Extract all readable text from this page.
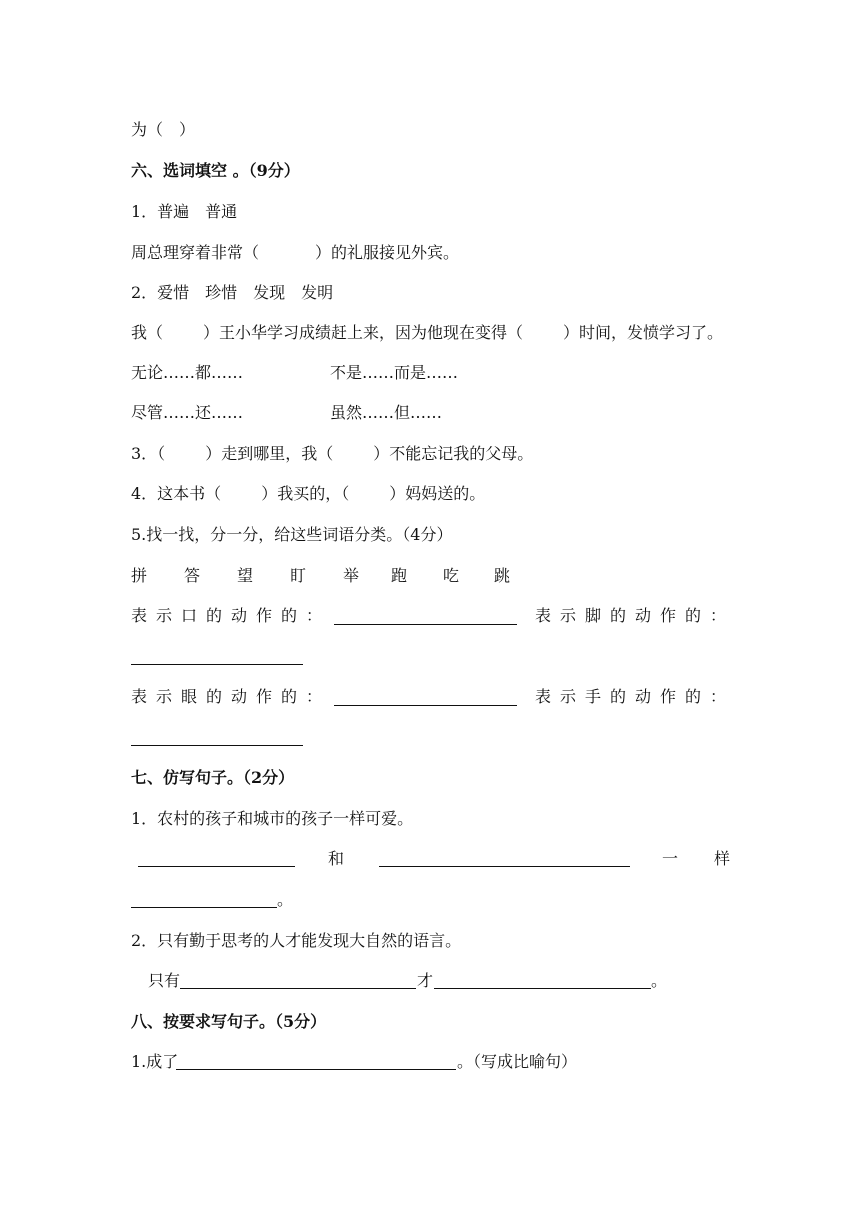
为（　）
六、选词填空 。（9分）
1．普遍　普通
周总理穿着非常（	）的礼服接见外宾。
2．爱惜　珍惜　发现　发明
我（	）王小华学习成绩赶上来，因为他现在变得（	）时间，发愤学习了。
无论……都……	不是……而是……
尽管……还……	虽然……但……
3．（	）走到哪里，我（	）不能忘记我的父母。
4．这本书（	）我买的，（	）妈妈送的。
5.找一找，分一分，给这些词语分类。（4分）
拼 答 望 盯 举 跑 吃 跳
表示口的动作的：	表示脚的动作的：
表示眼的动作的：	表示手的动作的：
七、仿写句子。（2分）
1．农村的孩子和城市的孩子一样可爱。
和	一 样
。
2．只有勤于思考的人才能发现大自然的语言。
只有	才	。
八、按要求写句子。（5分）
1.成了	。（写成比喻句）
